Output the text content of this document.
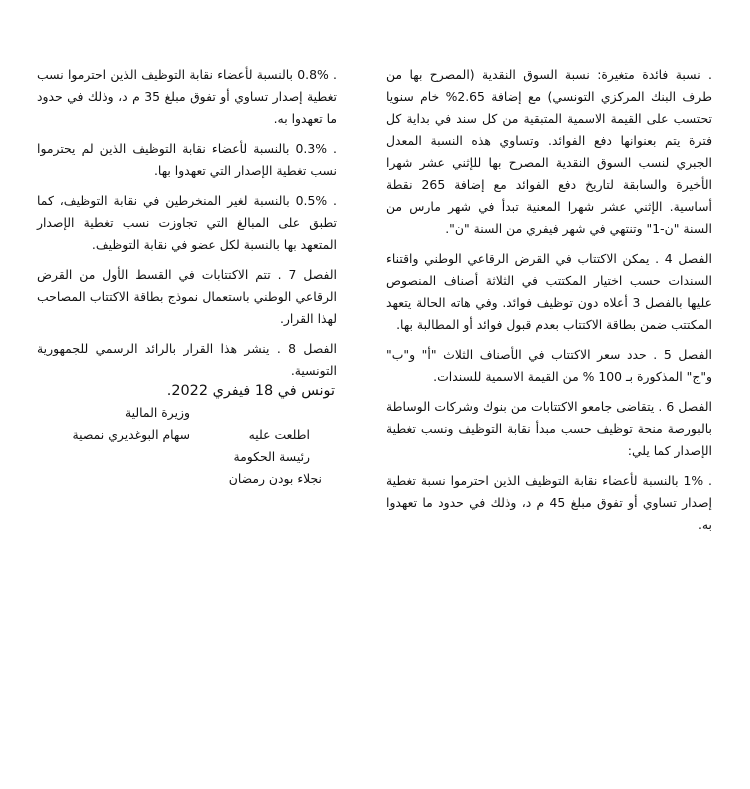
. نسبة فائدة متغيرة: نسبة السوق النقدية (المصرح بها من طرف البنك المركزي التونسي) مع إضافة 2.65% خام سنويا تحتسب على القيمة الاسمية المتبقية من كل سند في بداية كل فترة يتم بعنوانها دفع الفوائد. وتساوي هذه النسبة المعدل الجبري لنسب السوق النقدية المصرح بها للإثني عشر شهرا الأخيرة والسابقة لتاريخ دفع الفوائد مع إضافة 265 نقطة أساسية. الإثني عشر شهرا المعنية تبدأ في شهر مارس من السنة "ن-1" وتنتهي في شهر فيفري من السنة "ن".

الفصل 4 . يمكن الاكتتاب في القرض الرقاعي الوطني واقتناء السندات حسب اختيار المكتتب في الثلاثة أصناف المنصوص عليها بالفصل 3 أعلاه دون توظيف فوائد. وفي هاته الحالة يتعهد المكتتب ضمن بطاقة الاكتتاب بعدم قبول فوائد أو المطالبة بها.

الفصل 5 . حدد سعر الاكتتاب في الأصناف الثلاث "أ" و"ب" و"ج" المذكورة بـ 100 % من القيمة الاسمية للسندات.

الفصل 6 . يتقاضى جامعو الاكتتابات من بنوك وشركات الوساطة بالبورصة منحة توظيف حسب مبدأ نقابة التوظيف ونسب تغطية الإصدار كما يلي:

. 1% بالنسبة لأعضاء نقابة التوظيف الذين احترموا نسبة تغطية إصدار تساوي أو تفوق مبلغ 45 م د، وذلك في حدود ما تعهدوا به.

. 0.8% بالنسبة لأعضاء نقابة التوظيف الذين احترموا نسب تغطية إصدار تساوي أو تفوق مبلغ 35 م د، وذلك في حدود ما تعهدوا به.

. 0.3% بالنسبة لأعضاء نقابة التوظيف الذين لم يحترموا نسب تغطية الإصدار التي تعهدوا بها.

. 0.5% بالنسبة لغير المنخرطين في نقابة التوظيف، كما تطبق على المبالغ التي تجاوزت نسب تغطية الإصدار المتعهد بها بالنسبة لكل عضو في نقابة التوظيف.

الفصل 7 . تتم الاكتتابات في القسط الأول من القرض الرقاعي الوطني باستعمال نموذج بطاقة الاكتتاب المصاحب لهذا القرار.

الفصل 8 . ينشر هذا القرار بالرائد الرسمي للجمهورية التونسية.

تونس في 18 فيفري 2022.
وزيرة المالية
سهام البوغديري نمصية	اطلعت عليه
رئيسة الحكومة
نجلاء بودن رمضان
